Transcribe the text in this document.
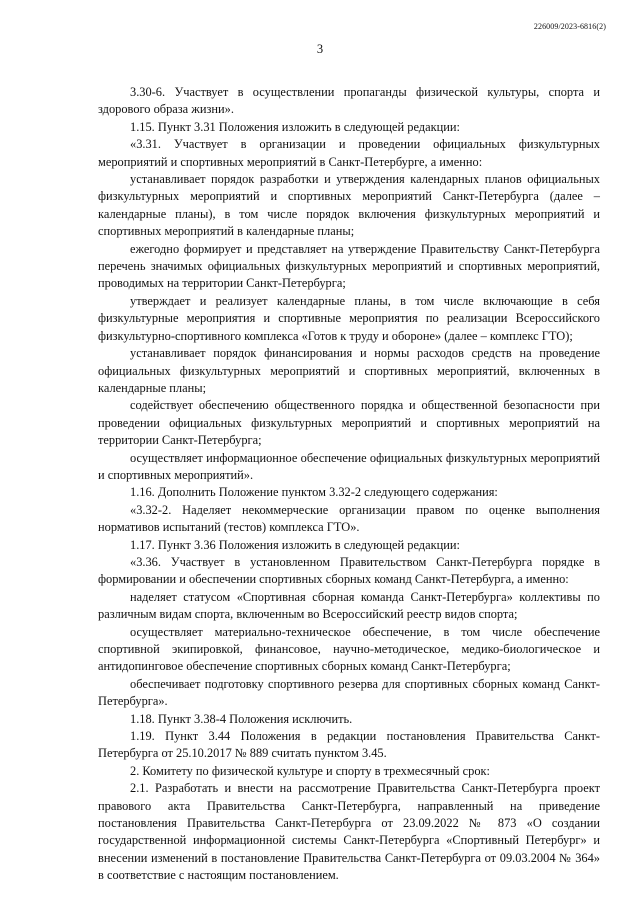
226009/2023-6816(2)
3

3.30-6. Участвует в осуществлении пропаганды физической культуры, спорта и здорового образа жизни».

1.15. Пункт 3.31 Положения изложить в следующей редакции:

«3.31. Участвует в организации и проведении официальных физкультурных мероприятий и спортивных мероприятий в Санкт-Петербурге, а именно:

устанавливает порядок разработки и утверждения календарных планов официальных физкультурных мероприятий и спортивных мероприятий Санкт-Петербурга (далее – календарные планы), в том числе порядок включения физкультурных мероприятий и спортивных мероприятий в календарные планы;

ежегодно формирует и представляет на утверждение Правительству Санкт-Петербурга перечень значимых официальных физкультурных мероприятий и спортивных мероприятий, проводимых на территории Санкт-Петербурга;

утверждает и реализует календарные планы, в том числе включающие в себя физкультурные мероприятия и спортивные мероприятия по реализации Всероссийского физкультурно-спортивного комплекса «Готов к труду и обороне» (далее – комплекс ГТО);

устанавливает порядок финансирования и нормы расходов средств на проведение официальных физкультурных мероприятий и спортивных мероприятий, включенных в календарные планы;

содействует обеспечению общественного порядка и общественной безопасности при проведении официальных физкультурных мероприятий и спортивных мероприятий на территории Санкт-Петербурга;

осуществляет информационное обеспечение официальных физкультурных мероприятий и спортивных мероприятий».

1.16. Дополнить Положение пунктом 3.32-2 следующего содержания:

«3.32-2. Наделяет некоммерческие организации правом по оценке выполнения нормативов испытаний (тестов) комплекса ГТО».

1.17. Пункт 3.36 Положения изложить в следующей редакции:

«3.36. Участвует в установленном Правительством Санкт-Петербурга порядке в формировании и обеспечении спортивных сборных команд Санкт-Петербурга, а именно:

наделяет статусом «Спортивная сборная команда Санкт-Петербурга» коллективы по различным видам спорта, включенным во Всероссийский реестр видов спорта;

осуществляет материально-техническое обеспечение, в том числе обеспечение спортивной экипировкой, финансовое, научно-методическое, медико-биологическое и антидопинговое обеспечение спортивных сборных команд Санкт-Петербурга;

обеспечивает подготовку спортивного резерва для спортивных сборных команд Санкт-Петербурга».

1.18. Пункт 3.38-4 Положения исключить.

1.19. Пункт 3.44 Положения в редакции постановления Правительства Санкт-Петербурга от 25.10.2017 № 889 считать пунктом 3.45.

2. Комитету по физической культуре и спорту в трехмесячный срок:

2.1. Разработать и внести на рассмотрение Правительства Санкт-Петербурга проект правового акта Правительства Санкт-Петербурга, направленный на приведение постановления Правительства Санкт-Петербурга от 23.09.2022 № 873 «О создании государственной информационной системы Санкт-Петербурга «Спортивный Петербург» и внесении изменений в постановление Правительства Санкт-Петербурга от 09.03.2004 № 364» в соответствие с настоящим постановлением.
